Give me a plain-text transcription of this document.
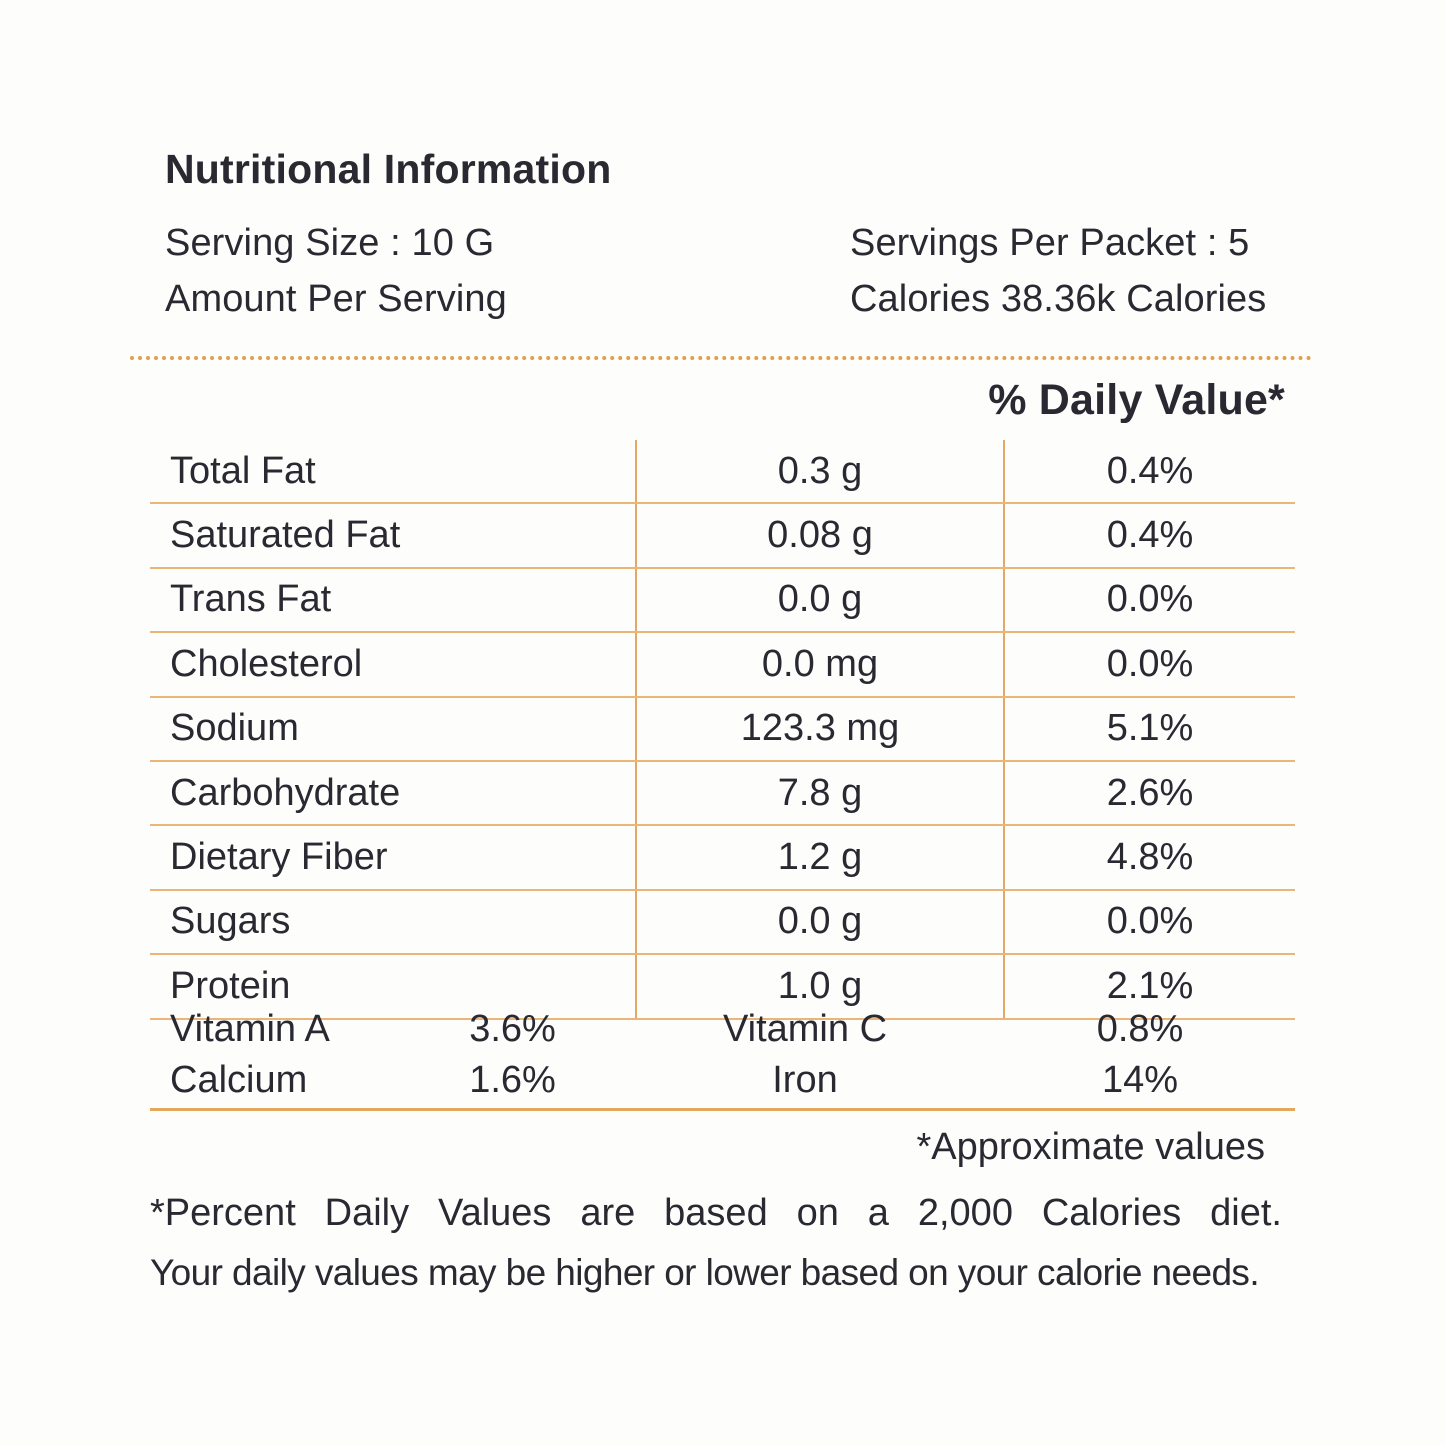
Nutritional Information
Serving Size : 10 G
Amount Per Serving
Servings Per Packet : 5
Calories 38.36k Calories
% Daily Value*
Total Fat	0.3 g	0.4%
Saturated Fat	0.08 g	0.4%
Trans Fat	0.0 g	0.0%
Cholesterol	0.0 mg	0.0%
Sodium	123.3 mg	5.1%
Carbohydrate	7.8 g	2.6%
Dietary Fiber	1.2 g	4.8%
Sugars	0.0 g	0.0%
Protein	1.0 g	2.1%
Vitamin A	3.6%	Vitamin C	0.8%
Calcium	1.6%	Iron	14%
*Approximate values
*Percent Daily Values are based on a 2,000 Calories diet.
Your daily values may be higher or lower based on your calorie needs.
